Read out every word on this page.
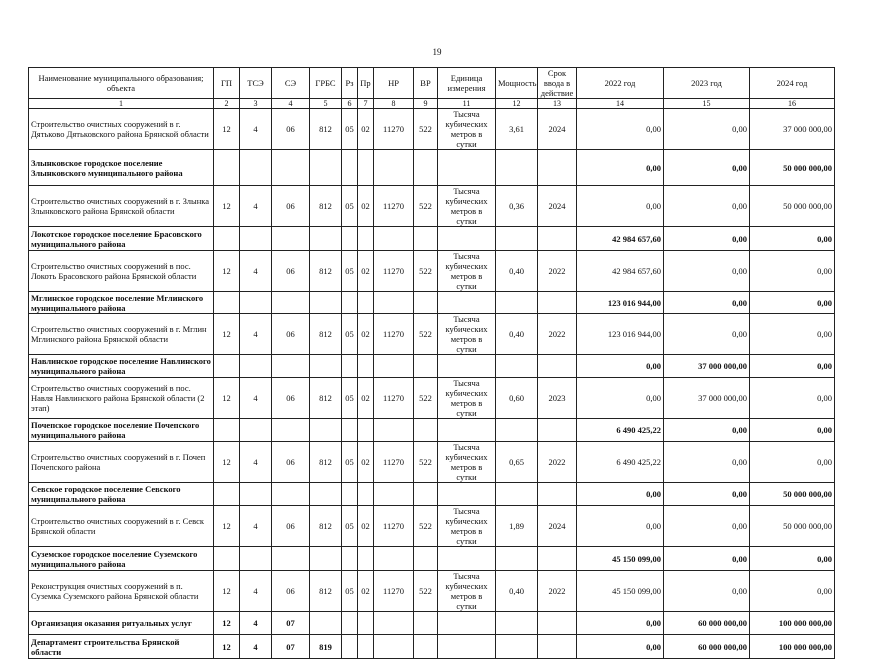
19
Наименование муниципального образования; объекта	ГП	ТСЭ	СЭ	ГРБС	Рз	Пр	НР	ВР	Единица измерения	Мощность	Срок ввода в действие	2022 год	2023 год	2024 год
1	2	3	4	5	6	7	8	9	11	12	13	14	15	16
Строительство очистных сооружений в г. Дятьково Дятьковского района Брянской области	12	4	06	812	05	02	11270	522	Тысяча кубических метров в сутки	3,61	2024	0,00	0,00	37 000 000,00
Злынковское городское поселение Злынковского муниципального района												0,00	0,00	50 000 000,00
Строительство очистных сооружений в г. Злынка Злынковского района Брянской области	12	4	06	812	05	02	11270	522	Тысяча кубических метров в сутки	0,36	2024	0,00	0,00	50 000 000,00
Локотское городское поселение Брасовского муниципального района												42 984 657,60	0,00	0,00
Строительство очистных сооружений в пос. Локоть Брасовского района Брянской области	12	4	06	812	05	02	11270	522	Тысяча кубических метров в сутки	0,40	2022	42 984 657,60	0,00	0,00
Мглинское городское поселение Мглинского муниципального района												123 016 944,00	0,00	0,00
Строительство очистных сооружений в г. Мглин Мглинского района Брянской области	12	4	06	812	05	02	11270	522	Тысяча кубических метров в сутки	0,40	2022	123 016 944,00	0,00	0,00
Навлинское городское поселение Навлинского муниципального района												0,00	37 000 000,00	0,00
Строительство очистных сооружений в пос. Навля Навлинского района Брянской области (2 этап)	12	4	06	812	05	02	11270	522	Тысяча кубических метров в сутки	0,60	2023	0,00	37 000 000,00	0,00
Почепское городское поселение Почепского муниципального района												6 490 425,22	0,00	0,00
Строительство очистных сооружений в г. Почеп Почепского района	12	4	06	812	05	02	11270	522	Тысяча кубических метров в сутки	0,65	2022	6 490 425,22	0,00	0,00
Севское городское поселение Севского муниципального района												0,00	0,00	50 000 000,00
Строительство очистных сооружений в г. Севск Брянской области	12	4	06	812	05	02	11270	522	Тысяча кубических метров в сутки	1,89	2024	0,00	0,00	50 000 000,00
Суземское городское поселение Суземского муниципального района												45 150 099,00	0,00	0,00
Реконструкция очистных сооружений в п. Суземка Суземского района Брянской области	12	4	06	812	05	02	11270	522	Тысяча кубических метров в сутки	0,40	2022	45 150 099,00	0,00	0,00
Организация оказания ритуальных услуг	12	4	07									0,00	60 000 000,00	100 000 000,00
Департамент строительства Брянской области	12	4	07	819								0,00	60 000 000,00	100 000 000,00
